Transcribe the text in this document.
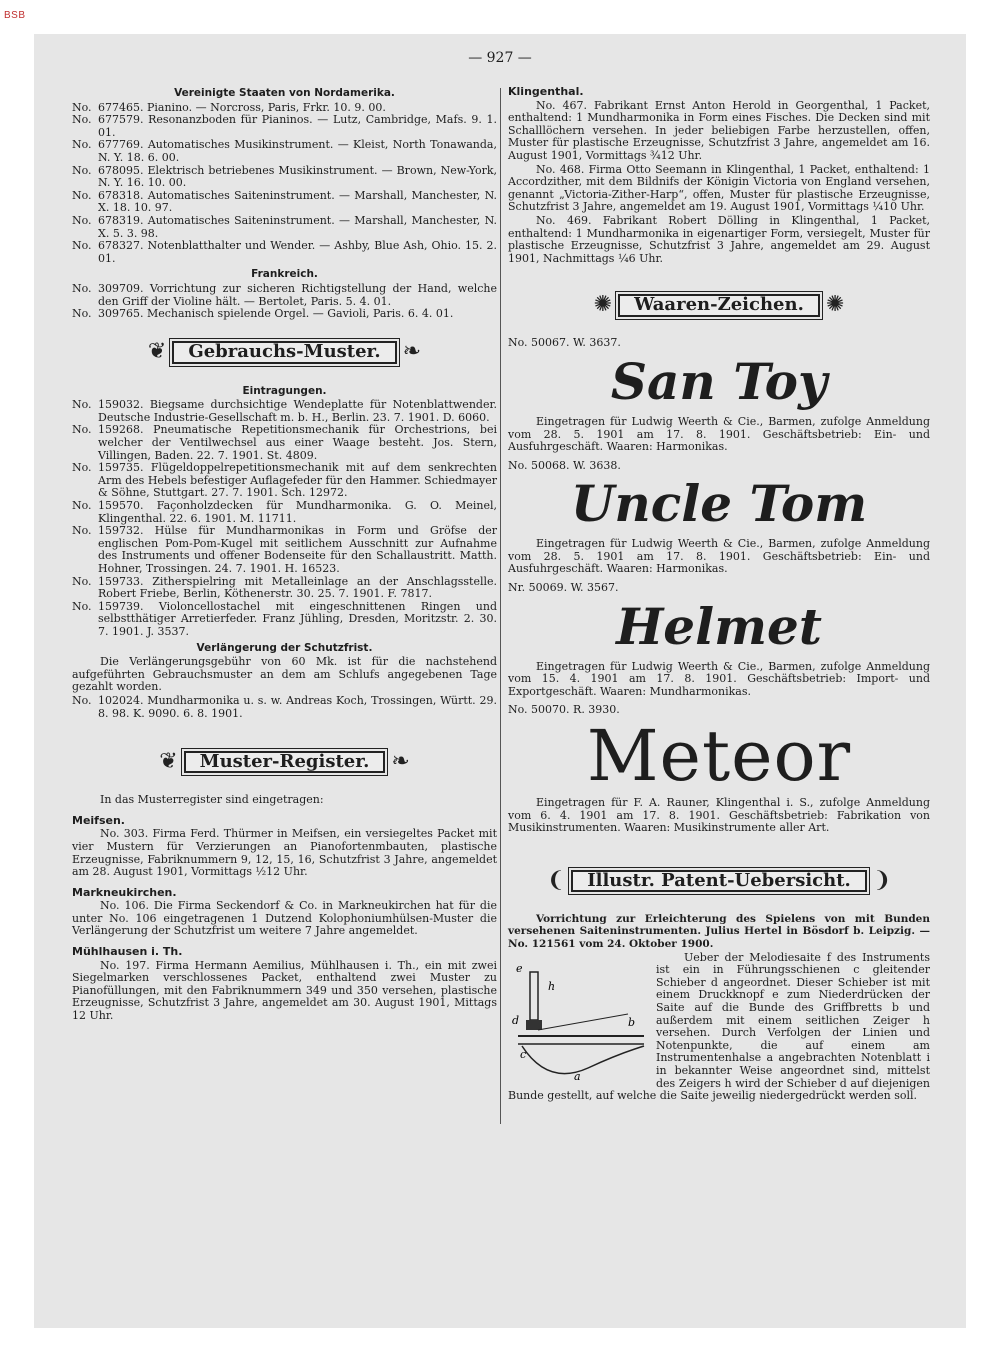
BSB
— 927 —
Vereinigte Staaten von Nordamerika.

No. 677465. Pianino. — Norcross, Paris, Frkr. 10. 9. 00.

No. 677579. Resonanzboden für Pianinos. — Lutz, Cambridge, Mafs. 9. 1. 01.

No. 677769. Automatisches Musikinstrument. — Kleist, North Tonawanda, N. Y. 18. 6. 00.

No. 678095. Elektrisch betriebenes Musikinstrument. — Brown, New-York, N. Y. 16. 10. 00.

No. 678318. Automatisches Saiteninstrument. — Marshall, Manchester, N. X. 18. 10. 97.

No. 678319. Automatisches Saiteninstrument. — Marshall, Manchester, N. X. 5. 3. 98.

No. 678327. Notenblatthalter und Wender. — Ashby, Blue Ash, Ohio. 15. 2. 01.

Frankreich.

No. 309709. Vorrichtung zur sicheren Richtigstellung der Hand, welche den Griff der Violine hält. — Bertolet, Paris. 5. 4. 01.

No. 309765. Mechanisch spielende Orgel. — Gavioli, Paris. 6. 4. 01.

❦	Gebrauchs-Muster.	❧
Eintragungen.

No. 159032. Biegsame durchsichtige Wendeplatte für Notenblattwender. Deutsche Industrie-Gesellschaft m. b. H., Berlin. 23. 7. 1901. D. 6060.

No. 159268. Pneumatische Repetitionsmechanik für Orchestrions, bei welcher der Ventilwechsel aus einer Waage besteht. Jos. Stern, Villingen, Baden. 22. 7. 1901. St. 4809.

No. 159735. Flügeldoppelrepetitionsmechanik mit auf dem senkrechten Arm des Hebels befestiger Auflagefeder für den Hammer. Schiedmayer & Söhne, Stuttgart. 27. 7. 1901. Sch. 12972.

No. 159570. Façonholzdecken für Mundharmonika. G. O. Meinel, Klingenthal. 22. 6. 1901. M. 11711.

No. 159732. Hülse für Mundharmonikas in Form und Gröfse der englischen Pom-Pom-Kugel mit seitlichem Ausschnitt zur Aufnahme des Instruments und offener Bodenseite für den Schallaustritt. Matth. Hohner, Trossingen. 24. 7. 1901. H. 16523.

No. 159733. Zitherspielring mit Metalleinlage an der Anschlagsstelle. Robert Friebe, Berlin, Köthenerstr. 30. 25. 7. 1901. F. 7817.

No. 159739. Violoncellostachel mit eingeschnittenen Ringen und selbstthätiger Arretierfeder. Franz Jühling, Dresden, Moritzstr. 2. 30. 7. 1901. J. 3537.

Verlängerung der Schutzfrist.

Die Verlängerungsgebühr von 60 Mk. ist für die nachstehend aufgeführten Gebrauchsmuster an dem am Schlufs angegebenen Tage gezahlt worden.

No. 102024. Mundharmonika u. s. w. Andreas Koch, Trossingen, Württ. 29. 8. 98. K. 9090. 6. 8. 1901.

❦	Muster-Register.	❧

In das Musterregister sind eingetragen:

Meifsen.

No. 303. Firma Ferd. Thürmer in Meifsen, ein versiegeltes Packet mit vier Mustern für Verzierungen an Pianofortenmbauten, plastische Erzeugnisse, Fabriknummern 9, 12, 15, 16, Schutzfrist 3 Jahre, angemeldet am 28. August 1901, Vormittags ½12 Uhr.

Markneukirchen.

No. 106. Die Firma Seckendorf & Co. in Markneukirchen hat für die unter No. 106 eingetragenen 1 Dutzend Kolophoniumhülsen-Muster die Verlängerung der Schutzfrist um weitere 7 Jahre angemeldet.

Mühlhausen i. Th.

No. 197. Firma Hermann Aemilius, Mühlhausen i. Th., ein mit zwei Siegelmarken verschlossenes Packet, enthaltend zwei Muster zu Pianofüllungen, mit den Fabriknummern 349 und 350 versehen, plastische Erzeugnisse, Schutzfrist 3 Jahre, angemeldet am 30. August 1901, Mittags 12 Uhr.

Klingenthal.

No. 467. Fabrikant Ernst Anton Herold in Georgenthal, 1 Packet, enthaltend: 1 Mundharmonika in Form eines Fisches. Die Decken sind mit Schalllöchern versehen. In jeder beliebigen Farbe herzustellen, offen, Muster für plastische Erzeugnisse, Schutzfrist 3 Jahre, angemeldet am 16. August 1901, Vormittags ¾12 Uhr.

No. 468. Firma Otto Seemann in Klingenthal, 1 Packet, enthaltend: 1 Accordzither, mit dem Bildnifs der Königin Victoria von England versehen, genannt „Victoria-Zither-Harp“, offen, Muster für plastische Erzeugnisse, Schutzfrist 3 Jahre, angemeldet am 19. August 1901, Vormittags ¼10 Uhr.

No. 469. Fabrikant Robert Dölling in Klingenthal, 1 Packet, enthaltend: 1 Mundharmonika in eigenartiger Form, versiegelt, Muster für plastische Erzeugnisse, Schutzfrist 3 Jahre, angemeldet am 29. August 1901, Nachmittags ¼6 Uhr.

✺	Waaren-Zeichen.	✺

No. 50067. W. 3637.

San Toy

Eingetragen für Ludwig Weerth & Cie., Barmen, zufolge Anmeldung vom 28. 5. 1901 am 17. 8. 1901. Geschäftsbetrieb: Ein- und Ausfuhrgeschäft. Waaren: Harmonikas.

No. 50068. W. 3638.

Uncle Tom

Eingetragen für Ludwig Weerth & Cie., Barmen, zufolge Anmeldung vom 28. 5. 1901 am 17. 8. 1901. Geschäftsbetrieb: Ein- und Ausfuhrgeschäft. Waaren: Harmonikas.

Nr. 50069. W. 3567.

Helmet

Eingetragen für Ludwig Weerth & Cie., Barmen, zufolge Anmeldung vom 15. 4. 1901 am 17. 8. 1901. Geschäftsbetrieb: Import- und Exportgeschäft. Waaren: Mundharmonikas.

No. 50070. R. 3930.

Meteor

Eingetragen für F. A. Rauner, Klingenthal i. S., zufolge Anmeldung vom 6. 4. 1901 am 17. 8. 1901. Geschäftsbetrieb: Fabrikation von Musikinstrumenten. Waaren: Musikinstrumente aller Art.

❨	Illustr. Patent-Uebersicht.	❩

Vorrichtung zur Erleichterung des Spielens von mit Bunden versehenen Saiteninstrumenten. Julius Hertel in Bösdorf b. Leipzig. — No. 121561 vom 24. Oktober 1900.

e
h
d	b
c
a

Ueber der Melodiesaite f des Instruments ist ein in Führungsschienen c gleitender Schieber d angeordnet. Dieser Schieber ist mit einem Druckknopf e zum Niederdrücken der Saite auf die Bunde des Griffbretts b und außerdem mit einem seitlichen Zeiger h versehen. Durch Verfolgen der Linien und Notenpunkte, die auf einem am Instrumentenhalse a angebrachten Notenblatt i in bekannter Weise angeordnet sind, mittelst des Zeigers h wird der Schieber d auf diejenigen Bunde gestellt, auf welche die Saite jeweilig niedergedrückt werden soll.
